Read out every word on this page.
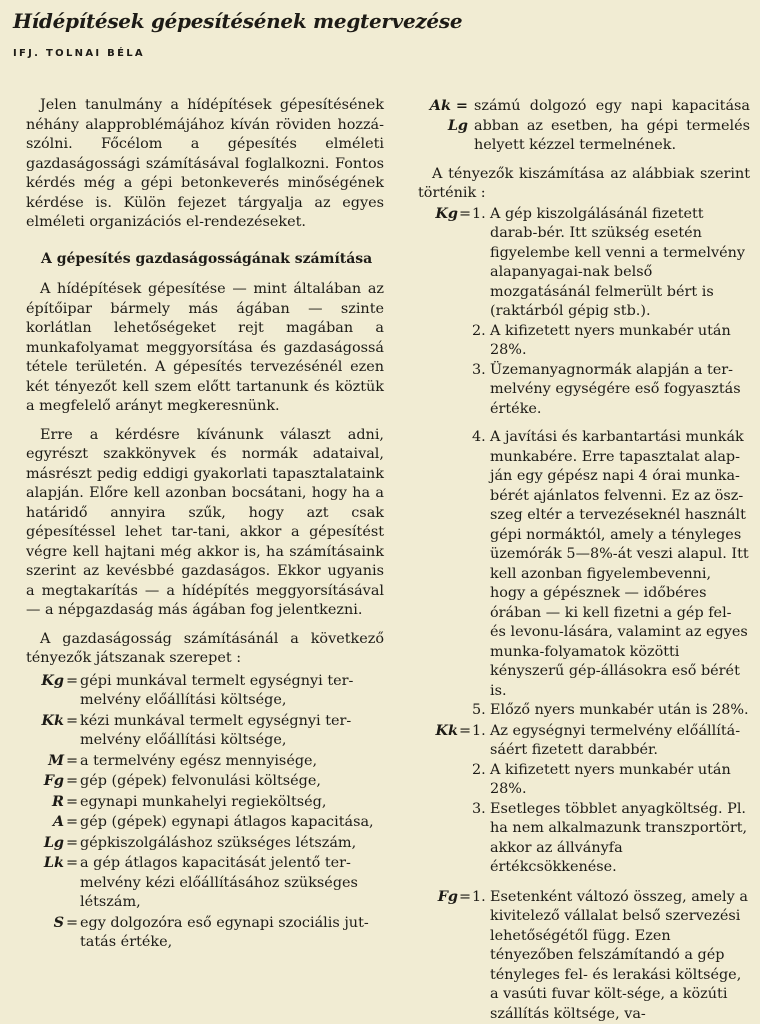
Hídépítések gépesítésének megtervezése
IFJ. TOLNAI BÉLA

Jelen tanulmány a hídépítések gépesítésének néhány alapproblémájához kíván röviden hozzá-szólni. Főcélom a gépesítés elméleti gazdaságossági számításával foglalkozni. Fontos kérdés még a gépi betonkeverés minőségének kérdése is. Külön fejezet tárgyalja az egyes elméleti organizációs el-rendezéseket.

A gépesítés gazdaságosságának számítása

A hídépítések gépesítése — mint általában az építőipar bármely más ágában — szinte korlátlan lehetőségeket rejt magában a munkafolyamat meggyorsítása és gazdaságossá tétele területén. A gépesítés tervezésénél ezen két tényezőt kell szem előtt tartanunk és köztük a megfelelő arányt megkeresnünk.

Erre a kérdésre kívánunk választ adni, egyrészt szakkönyvek és normák adataival, másrészt pedig eddigi gyakorlati tapasztalataink alapján. Előre kell azonban bocsátani, hogy ha a határidő annyira szűk, hogy azt csak gépesítéssel lehet tar-tani, akkor a gépesítést végre kell hajtani még akkor is, ha számításaink szerint az kevésbbé gazdaságos. Ekkor ugyanis a megtakarítás — a hídépítés meggyorsításával — a népgazdaság más ágában fog jelentkezni.

A gazdaságosság számításánál a következő tényezők játszanak szerepet :

Kg = gépi munkával termelt egységnyi ter-melvény előállítási költsége,
Kk = kézi munkával termelt egységnyi ter-melvény előállítási költsége,
M = a termelvény egész mennyisége,
Fg = gép (gépek) felvonulási költsége,
R = egynapi munkahelyi regieköltség,
A = gép (gépek) egynapi átlagos kapacitása,
Lg = gépkiszolgáláshoz szükséges létszám,
Lk = a gép átlagos kapacitását jelentő ter-melvény kézi előállításához szükséges létszám,
S = egy dolgozóra eső egynapi szociális jut-tatás értéke,
Ak = Lg
számú dolgozó egy napi kapacitása abban az esetben, ha gépi termelés helyett kézzel termelnének.

A tényezők kiszámítása az alábbiak szerint történik :

Kg = 1. A gép kiszolgálásánál fizetett darab-bér. Itt szükség esetén figyelembe kell venni a termelvény alapanyagai-nak belső mozgatásánál felmerült bért is (raktárból gépig stb.).
2. A kifizetett nyers munkabér után 28%.
3. Üzemanyagnormák alapján a ter-melvény egységére eső fogyasztás értéke.
4. A javítási és karbantartási munkák munkabére. Erre tapasztalat alap-ján egy gépész napi 4 órai munka-bérét ajánlatos felvenni. Ez az ösz-szeg eltér a tervezéseknél használt gépi normáktól, amely a tényleges üzemórák 5—8%-át veszi alapul. Itt kell azonban figyelembevenni, hogy a gépésznek — időbéres órában — ki kell fizetni a gép fel- és levonu-lására, valamint az egyes munka-folyamatok közötti kényszerű gép-állásokra eső bérét is.
5. Előző nyers munkabér után is 28%.
Kk = 1. Az egységnyi termelvény előállítá-sáért fizetett darabbér.
2. A kifizetett nyers munkabér után 28%.
3. Esetleges többlet anyagköltség. Pl. ha nem alkalmazunk transzportört, akkor az állványfa értékcsökkenése.
Fg = 1. Esetenként változó összeg, amely a kivitelező vállalat belső szervezési lehetőségétől függ. Ezen tényezőben felszámítandó a gép tényleges fel- és lerakási költsége, a vasúti fuvar költ-sége, a közúti szállítás költsége, va-
